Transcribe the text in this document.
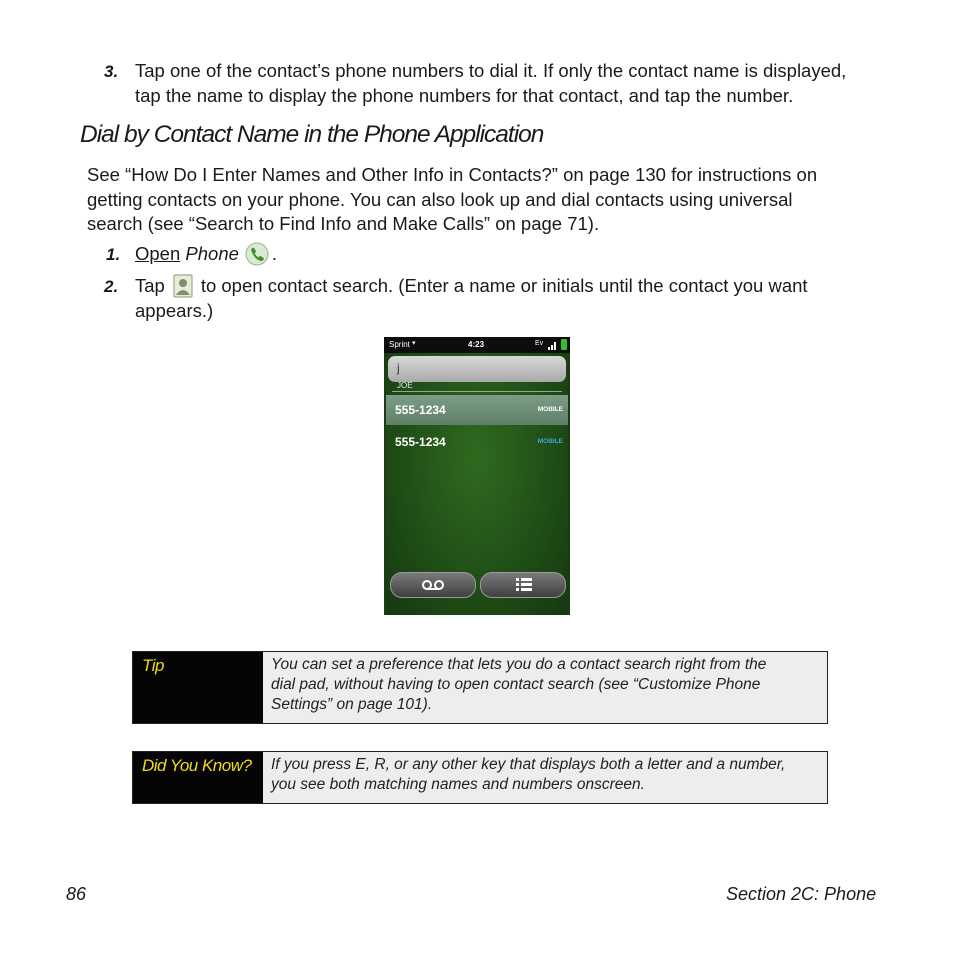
3. Tap one of the contact’s phone numbers to dial it. If only the contact name is displayed,
tap the name to display the phone numbers for that contact, and tap the number.
Dial by Contact Name in the Phone Application
See “How Do I Enter Names and Other Info in Contacts?” on page 130 for instructions on
getting contacts on your phone. You can also look up and dial contacts using universal
search (see “Search to Find Info and Make Calls” on page 71).
1. Open
Phone .
2. Tap to open contact search. (Enter a name or initials until the contact you want
appears.)
Sprint ▾	4:23	Ev
j
JOE
555-1234	MOBILE
555-1234	MOBILE
Tip	You can set a preference that lets you do a contact search right from the
dial pad, without having to open contact search (see “Customize Phone
Settings” on page 101).
Did You Know?	If you press E, R, or any other key that displays both a letter and a number,
you see both matching names and numbers onscreen.
86	Section 2C: Phone
